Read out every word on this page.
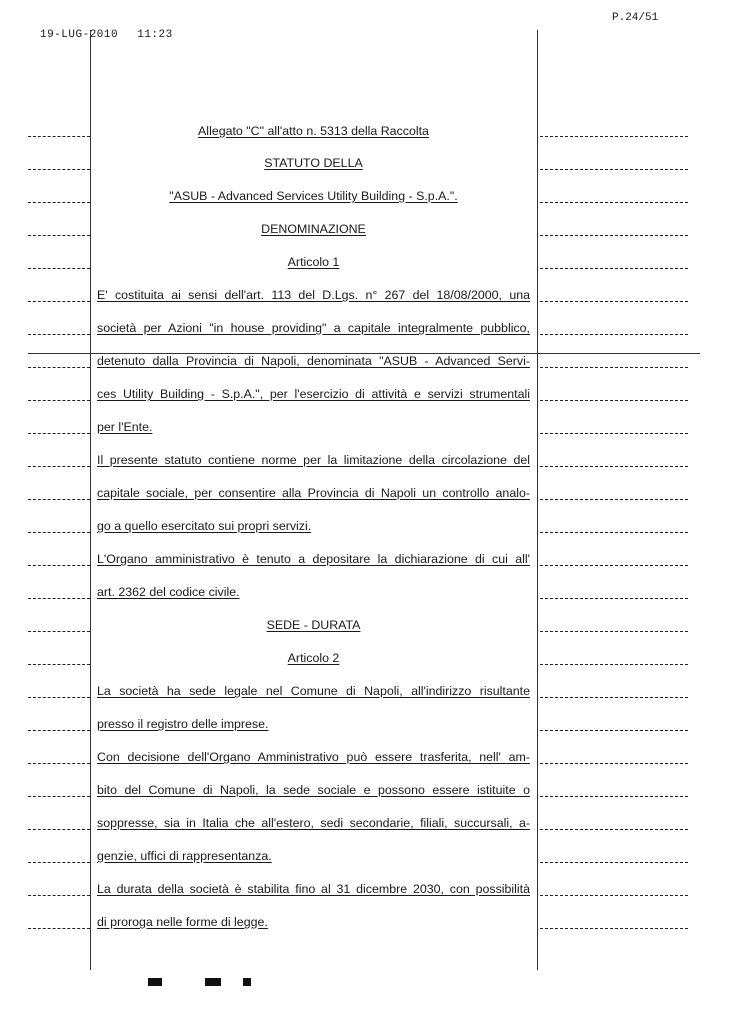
19-LUG-2010 11:23
P.24/51
Allegato "C" all'atto n. 5313 della Raccolta
STATUTO DELLA
"ASUB - Advanced Services Utility Building - S.p.A.".
DENOMINAZIONE
Articolo 1
E' costituita ai sensi dell'art. 113 del D.Lgs. n° 267 del 18/08/2000, una
società per Azioni "in house providing" a capitale integralmente pubblico,
detenuto dalla Provincia di Napoli, denominata "ASUB - Advanced Servi-
ces Utility Building - S.p.A.", per l'esercizio di attività e servizi strumentali
per l'Ente.
Il presente statuto contiene norme per la limitazione della circolazione del
capitale sociale, per consentire alla Provincia di Napoli un controllo analo-
go a quello esercitato sui propri servizi.
L'Organo amministrativo è tenuto a depositare la dichiarazione di cui all'
art. 2362 del codice civile.
SEDE - DURATA
Articolo 2
La società ha sede legale nel Comune di Napoli, all'indirizzo risultante
presso il registro delle imprese.
Con decisione dell'Organo Amministrativo può essere trasferita, nell' am-
bito del Comune di Napoli, la sede sociale e possono essere istituite o
soppresse, sia in Italia che all'estero, sedi secondarie, filiali, succursali, a-
genzie, uffici di rappresentanza.
La durata della società è stabilita fino al 31 dicembre 2030, con possibilità
di proroga nelle forme di legge.
